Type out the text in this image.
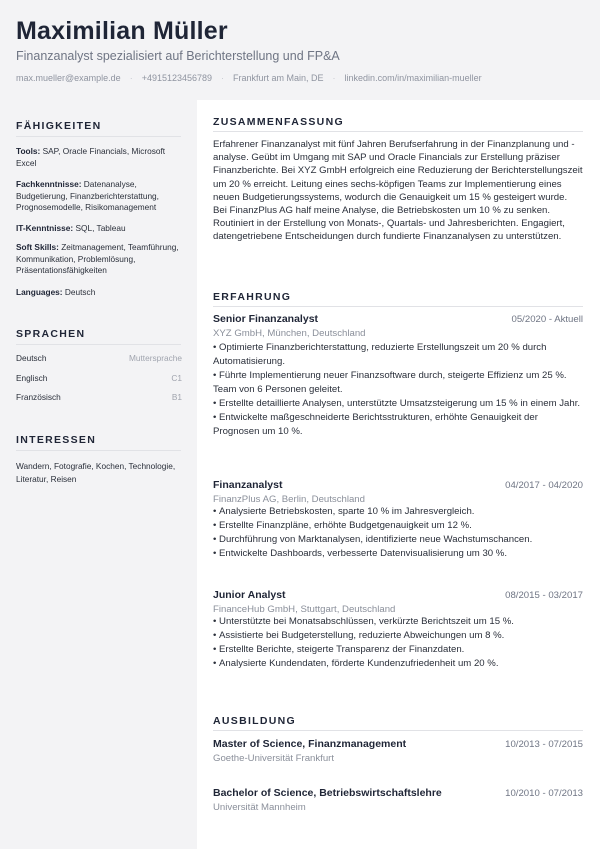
Maximilian Müller
Finanzanalyst spezialisiert auf Berichterstellung und FP&A
max.mueller@example.de · +4915123456789 · Frankfurt am Main, DE · linkedin.com/in/maximilian-mueller
FÄHIGKEITEN
Tools: SAP, Oracle Financials, Microsoft Excel
Fachkenntnisse: Datenanalyse, Budgetierung, Finanzberichterstattung, Prognosemodelle, Risikomanagement
IT-Kenntnisse: SQL, Tableau
Soft Skills: Zeitmanagement, Teamführung, Kommunikation, Problemlösung, Präsentationsfähigkeiten
Languages: Deutsch
SPRACHEN
Deutsch	Muttersprache
Englisch	C1
Französisch	B1
INTERESSEN
Wandern, Fotografie, Kochen, Technologie, Literatur, Reisen
ZUSAMMENFASSUNG
Erfahrener Finanzanalyst mit fünf Jahren Berufserfahrung in der Finanzplanung und -analyse. Geübt im Umgang mit SAP und Oracle Financials zur Erstellung präziser Finanzberichte. Bei XYZ GmbH erfolgreich eine Reduzierung der Berichterstellungszeit um 20 % erreicht. Leitung eines sechs-köpfigen Teams zur Implementierung eines neuen Budgetierungssystems, wodurch die Genauigkeit um 15 % gesteigert wurde. Bei FinanzPlus AG half meine Analyse, die Betriebskosten um 10 % zu senken. Routiniert in der Erstellung von Monats-, Quartals- und Jahresberichten. Engagiert, datengetriebene Entscheidungen durch fundierte Finanzanalysen zu unterstützen.
ERFAHRUNG
Senior Finanzanalyst	05/2020 - Aktuell
XYZ GmbH, München, Deutschland
• Optimierte Finanzberichterstattung, reduzierte Erstellungszeit um 20 % durch Automatisierung.
• Führte Implementierung neuer Finanzsoftware durch, steigerte Effizienz um 25 %. Team von 6 Personen geleitet.
• Erstellte detaillierte Analysen, unterstützte Umsatzsteigerung um 15 % in einem Jahr.
• Entwickelte maßgeschneiderte Berichtsstrukturen, erhöhte Genauigkeit der Prognosen um 10 %.
Finanzanalyst	04/2017 - 04/2020
FinanzPlus AG, Berlin, Deutschland
• Analysierte Betriebskosten, sparte 10 % im Jahresvergleich.
• Erstellte Finanzpläne, erhöhte Budgetgenauigkeit um 12 %.
• Durchführung von Marktanalysen, identifizierte neue Wachstumschancen.
• Entwickelte Dashboards, verbesserte Datenvisualisierung um 30 %.
Junior Analyst	08/2015 - 03/2017
FinanceHub GmbH, Stuttgart, Deutschland
• Unterstützte bei Monatsabschlüssen, verkürzte Berichtszeit um 15 %.
• Assistierte bei Budgeterstellung, reduzierte Abweichungen um 8 %.
• Erstellte Berichte, steigerte Transparenz der Finanzdaten.
• Analysierte Kundendaten, förderte Kundenzufriedenheit um 20 %.
AUSBILDUNG
Master of Science, Finanzmanagement	10/2013 - 07/2015
Goethe-Universität Frankfurt
Bachelor of Science, Betriebswirtschaftslehre	10/2010 - 07/2013
Universität Mannheim
